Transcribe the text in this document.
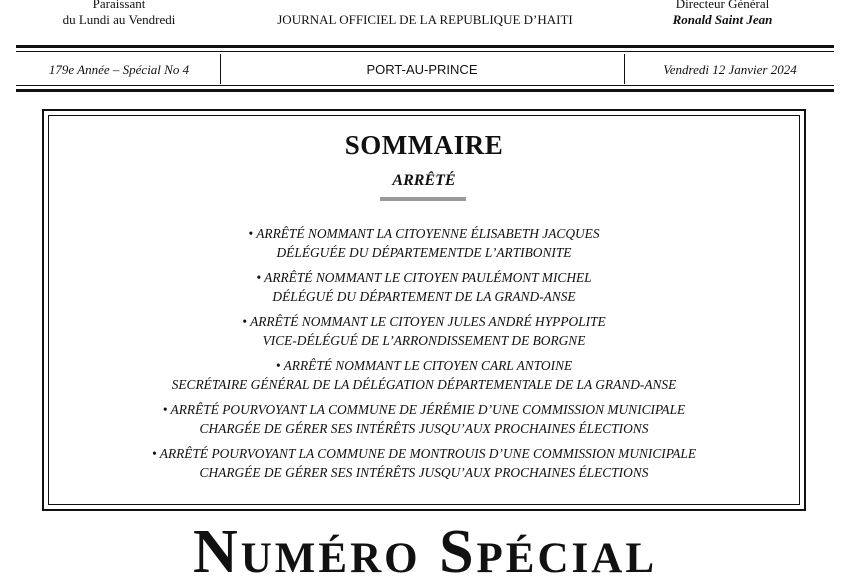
Paraissant
du Lundi au Vendredi	JOURNAL OFFICIEL DE LA REPUBLIQUE D’HAITI
Directeur Général
Ronald Saint Jean
179e Année – Spécial No 4	PORT-AU-PRINCE	Vendredi 12 Janvier 2024
SOMMAIRE
ARRÊTÉ
• ARRÊTÉ NOMMANT LA CITOYENNE ÉLISABETH JACQUES
DÉLÉGUÉE DU DÉPARTEMENTDE L’ARTIBONITE
• ARRÊTÉ NOMMANT LE CITOYEN PAULÉMONT MICHEL
DÉLÉGUÉ DU DÉPARTEMENT DE LA GRAND-ANSE
• ARRÊTÉ NOMMANT LE CITOYEN JULES ANDRÉ HYPPOLITE
VICE-DÉLÉGUÉ DE L’ARRONDISSEMENT DE BORGNE
• ARRÊTÉ NOMMANT LE CITOYEN CARL ANTOINE
SECRÉTAIRE GÉNÉRAL DE LA DÉLÉGATION DÉPARTEMENTALE DE LA GRAND-ANSE
• ARRÊTÉ POURVOYANT LA COMMUNE DE JÉRÉMIE D’UNE COMMISSION MUNICIPALE
CHARGÉE DE GÉRER SES INTÉRÊTS JUSQU’AUX PROCHAINES ÉLECTIONS
• ARRÊTÉ POURVOYANT LA COMMUNE DE MONTROUIS D’UNE COMMISSION MUNICIPALE
CHARGÉE DE GÉRER SES INTÉRÊTS JUSQU’AUX PROCHAINES ÉLECTIONS
Numéro Spécial
